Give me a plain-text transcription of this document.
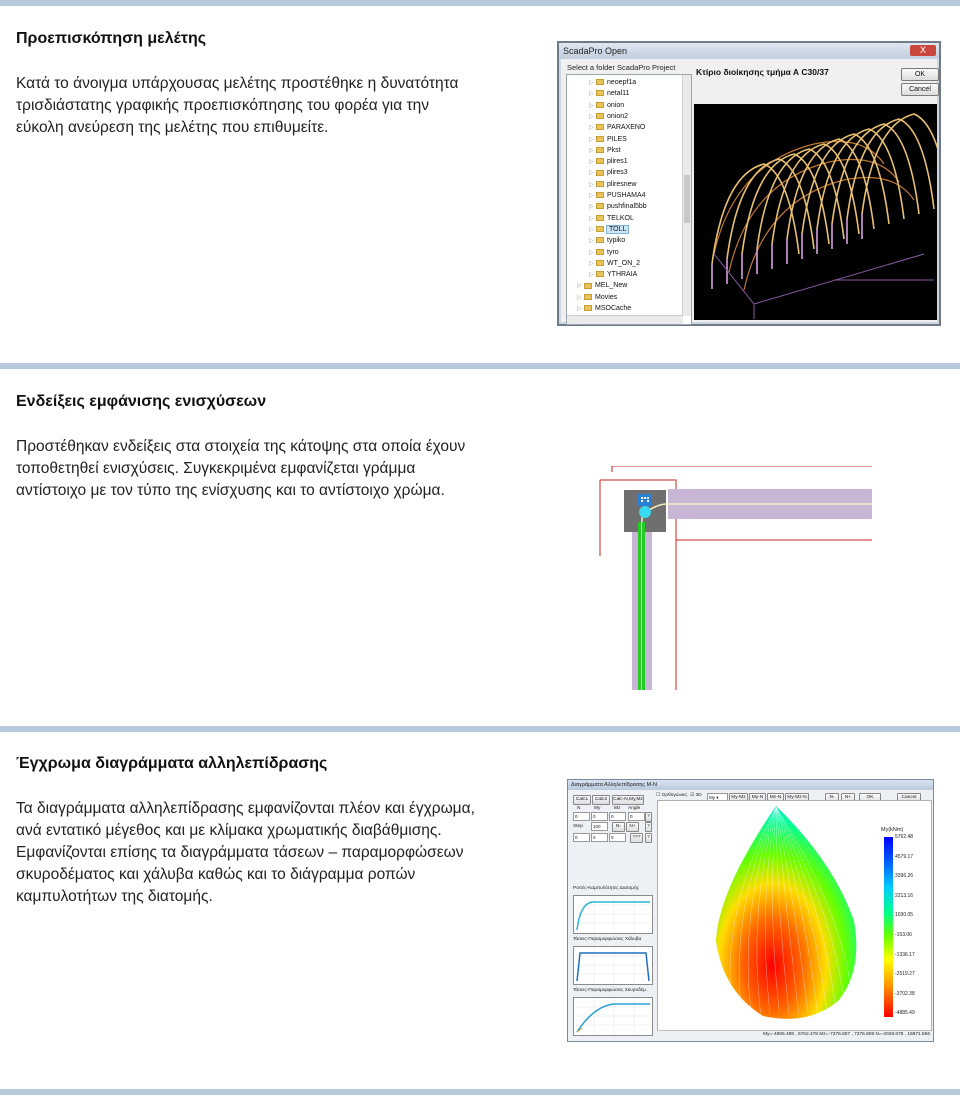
Προεπισκόπηση μελέτης
Κατά το άνοιγμα υπάρχουσας μελέτης προστέθηκε η δυνατότητα τρισδιάστατης γραφικής προεπισκόπησης του φορέα για την εύκολη ανεύρεση της μελέτης που επιθυμείτε.
ScadaPro Open	X
Select a folder ScadaPro Project
▷ neoepf1a
▷ netal11
▷ onion
▷ onion2
▷ PARAXENO
▷ PILES
▷ Pkst
▷ plires1
▷ plires3
▷ pliresnew
▷ PUSHAMA4
▷ pushfinal5bb
▷ TELKOL
▷ TOLL
▷ typiko
▷ tyro
▷ WT_ON_2
▷ YTHRAIA
▷ MEL_New
▷ Movies
▷ MSOCache
Κτίριο διοίκησης τμήμα Α C30/37	OK
Cancel
Ενδείξεις εμφάνισης ενισχύσεων
Προστέθηκαν ενδείξεις στα στοιχεία της κάτοψης στα οποία έχουν τοποθετηθεί ενισχύσεις. Συγκεκριμένα εμφανίζεται γράμμα αντίστοιχο με τον τύπο της ενίσχυσης και το αντίστοιχο χρώμα.
Έγχρωμα διαγράμματα αλληλεπίδρασης
Τα διαγράμματα αλληλεπίδρασης εμφανίζονται πλέον και έγχρωμα, ανά εντατικό μέγεθος και με κλίμακα χρωματικής διαβάθμισης. Εμφανίζονται επίσης τα διαγράμματα τάσεων – παραμορφώσεων σκυροδέματος και χάλυβα καθώς και το διάγραμμα ροπών καμπυλοτήτων της διατομής.
Διαγράμματα Αλληλεπίδρασης M-N
Calc1	Calc2	Calc-N,My,Mz
☐ Ορθογώνιες ☑ 3D	My ▾	My-Mz	My-N	Mz-N	My-Mz-N	N-	N+	OK	Cancel
N	My	Mz Angle
0	0	0	0	?
Step	100	N-	N+	?
0	0	0	???	?
Ροπές-Καμπυλότητες Διατομής
Τάσεις-Παραμορφώσεις Χάλυβα
Τάσεις-Παραμορφώσεις Σκυροδέμ.
My(kNm)
5762.48
4579.17
3396.26
2213.16
1030.05
-153.06
-1336.17
-2519.27
-3702.38
-4885.49
My=-4885.489 , 5762.478 Mz=-7376.807 , 7376.808 N=-4028.678 , 16871.556
